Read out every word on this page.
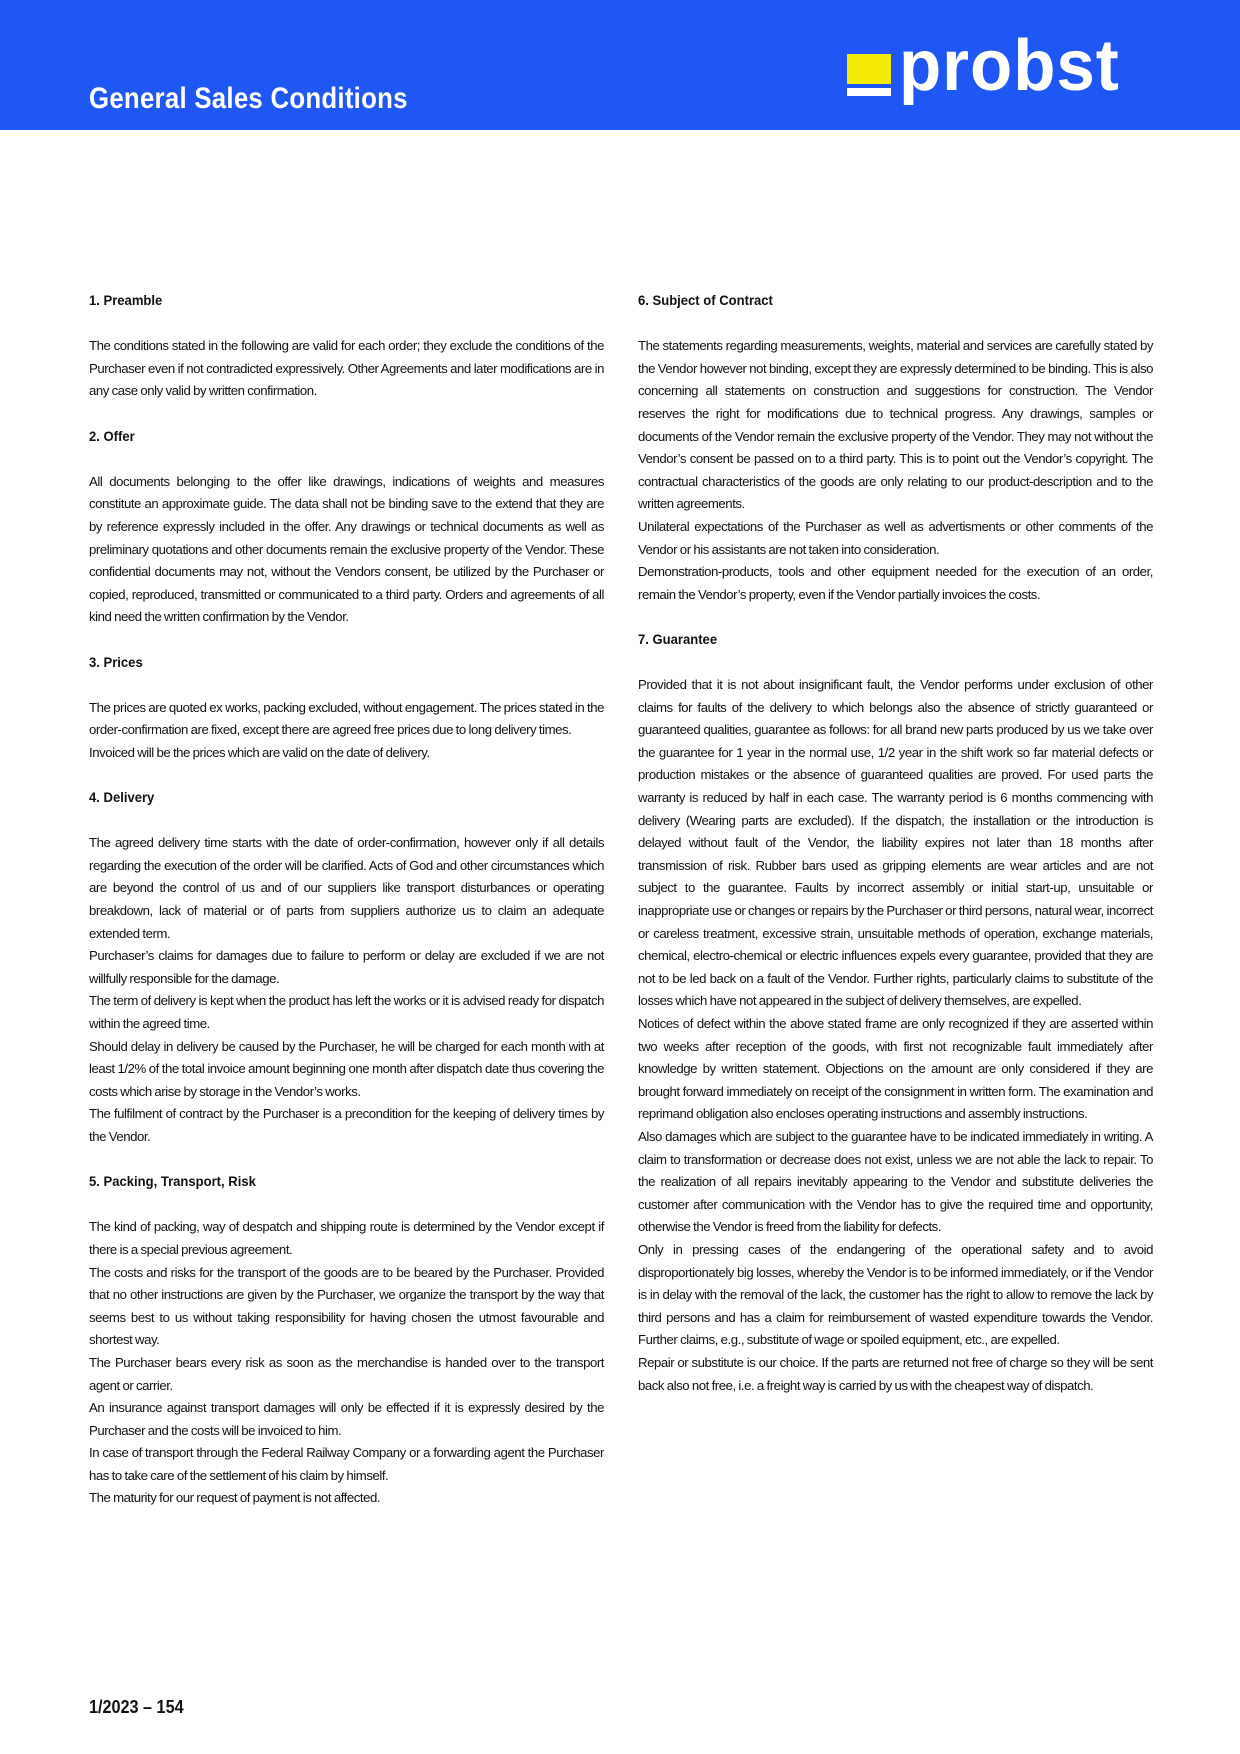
General Sales Conditions	probst
1. Preamble

The conditions stated in the following are valid for each order; they exclude the conditions of the Purchaser even if not contradicted expressively. Other Agreements and later modifications are in any case only valid by written confirmation.

2. Offer

All documents belonging to the offer like drawings, indications of weights and measures constitute an approximate guide. The data shall not be binding save to the extend that they are by reference expressly included in the offer. Any drawings or technical documents as well as preliminary quotations and other documents remain the exclusive property of the Vendor. These confidential documents may not, without the Vendors consent, be utilized by the Purchaser or copied, reproduced, transmitted or communicated to a third party. Orders and agreements of all kind need the written confirmation by the Vendor.

3. Prices

The prices are quoted ex works, packing excluded, without engagement. The prices stated in the order-confirmation are fixed, except there are agreed free prices due to long delivery times.

Invoiced will be the prices which are valid on the date of delivery.

4. Delivery

The agreed delivery time starts with the date of order-confirmation, however only if all details regarding the execution of the order will be clarified. Acts of God and other circumstances which are beyond the control of us and of our suppliers like transport disturbances or operating breakdown, lack of material or of parts from suppliers authorize us to claim an adequate extended term.

Purchaser’s claims for damages due to failure to perform or delay are excluded if we are not willfully responsible for the damage.

The term of delivery is kept when the product has left the works or it is advised ready for dispatch within the agreed time.

Should delay in delivery be caused by the Purchaser, he will be charged for each month with at least 1/2% of the total invoice amount beginning one month after dispatch date thus covering the costs which arise by storage in the Vendor’s works.

The fulfilment of contract by the Purchaser is a precondition for the keeping of delivery times by the Vendor.

5. Packing, Transport, Risk

The kind of packing, way of despatch and shipping route is determined by the Vendor except if there is a special previous agreement.

The costs and risks for the transport of the goods are to be beared by the Purchaser. Provided that no other instructions are given by the Purchaser, we organize the transport by the way that seems best to us without taking responsibility for having chosen the utmost favourable and shortest way.

The Purchaser bears every risk as soon as the merchandise is handed over to the transport agent or carrier.

An insurance against transport damages will only be effected if it is expressly desired by the Purchaser and the costs will be invoiced to him.

In case of transport through the Federal Railway Company or a forwarding agent the Purchaser has to take care of the settlement of his claim by himself.

The maturity for our request of payment is not affected.

6. Subject of Contract

The statements regarding measurements, weights, material and services are carefully stated by the Vendor however not binding, except they are expressly determined to be binding. This is also concerning all statements on construction and suggestions for construction. The Vendor reserves the right for modifications due to technical progress. Any drawings, samples or documents of the Vendor remain the exclusive property of the Vendor. They may not without the Vendor’s consent be passed on to a third party. This is to point out the Vendor’s copyright. The contractual characteristics of the goods are only relating to our product-description and to the written agreements.

Unilateral expectations of the Purchaser as well as advertisments or other comments of the Vendor or his assistants are not taken into consideration.

Demonstration-products, tools and other equipment needed for the execution of an order, remain the Vendor’s property, even if the Vendor partially invoices the costs.

7. Guarantee

Provided that it is not about insignificant fault, the Vendor performs under exclusion of other claims for faults of the delivery to which belongs also the absence of strictly guaranteed or guaranteed qualities, guarantee as follows: for all brand new parts produced by us we take over the guarantee for 1 year in the normal use, 1/2 year in the shift work so far material defects or production mistakes or the absence of guaranteed qualities are proved. For used parts the warranty is reduced by half in each case. The warranty period is 6 months commencing with delivery (Wearing parts are excluded). If the dispatch, the installation or the introduction is delayed without fault of the Vendor, the liability expires not later than 18 months after transmission of risk. Rubber bars used as gripping elements are wear articles and are not subject to the guarantee. Faults by incorrect assembly or initial start-up, unsuitable or inappropriate use or changes or repairs by the Purchaser or third persons, natural wear, incorrect or careless treatment, excessive strain, unsuitable methods of operation, exchange materials, chemical, electro-chemical or electric influences expels every guarantee, provided that they are not to be led back on a fault of the Vendor. Further rights, particularly claims to substitute of the losses which have not appeared in the subject of delivery themselves, are expelled.

Notices of defect within the above stated frame are only recognized if they are asserted within two weeks after reception of the goods, with first not recognizable fault immediately after knowledge by written statement. Objections on the amount are only considered if they are brought forward immediately on receipt of the consignment in written form. The examination and reprimand obligation also encloses operating instructions and assembly instructions.

Also damages which are subject to the guarantee have to be indicated immediately in writing. A claim to transformation or decrease does not exist, unless we are not able the lack to repair. To the realization of all repairs inevitably appearing to the Vendor and substitute deliveries the customer after communication with the Vendor has to give the required time and opportunity, otherwise the Vendor is freed from the liability for defects.

Only in pressing cases of the endangering of the operational safety and to avoid disproportionately big losses, whereby the Vendor is to be informed immediately, or if the Vendor is in delay with the removal of the lack, the customer has the right to allow to remove the lack by third persons and has a claim for reimbursement of wasted expenditure towards the Vendor. Further claims, e.g., substitute of wage or spoiled equipment, etc., are expelled.

Repair or substitute is our choice. If the parts are returned not free of charge so they will be sent back also not free, i.e. a freight way is carried by us with the cheapest way of dispatch.

1/2023 – 154
